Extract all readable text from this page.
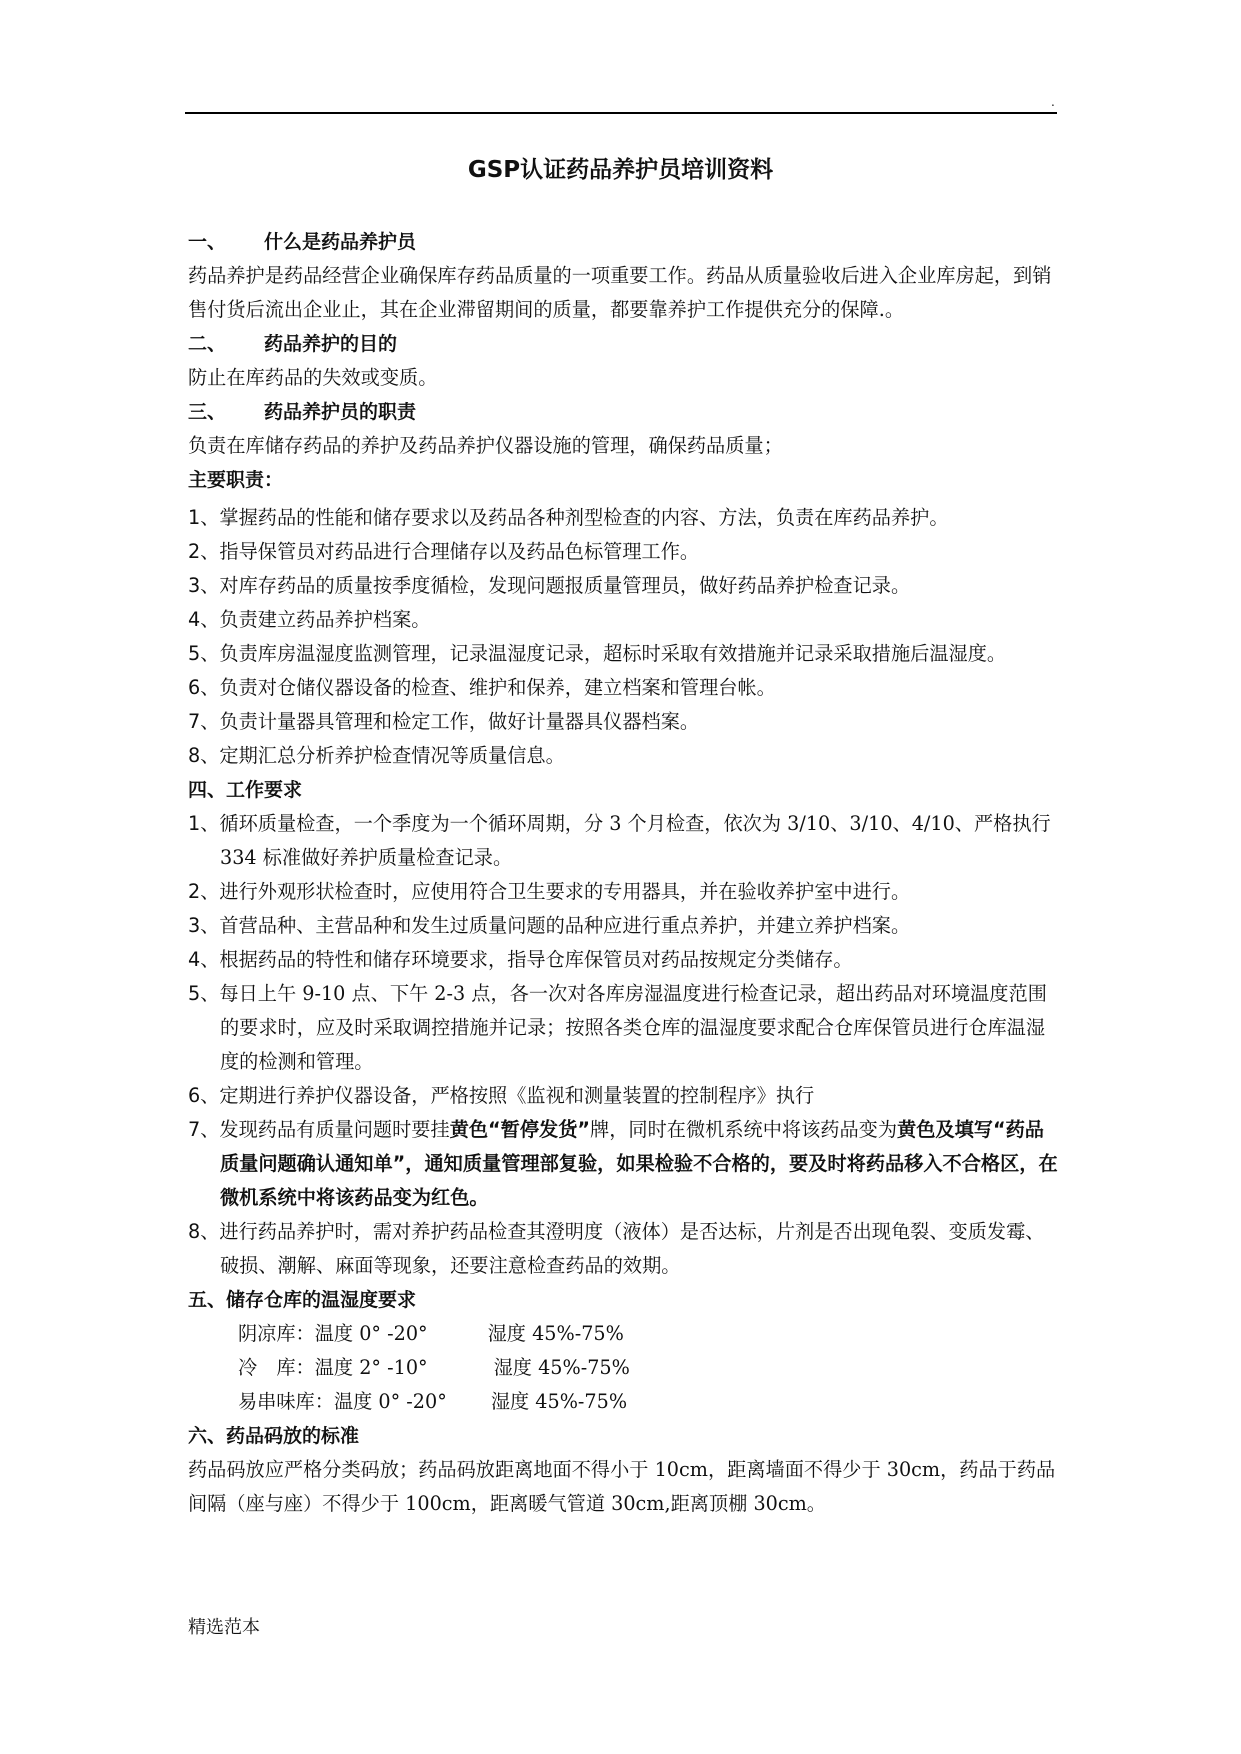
.
GSP认证药品养护员培训资料

一、 什么是药品养护员

药品养护是药品经营企业确保库存药品质量的一项重要工作。药品从质量验收后进入企业库房起，到销售付货后流出企业止，其在企业滞留期间的质量，都要靠养护工作提供充分的保障.。

二、 药品养护的目的

防止在库药品的失效或变质。

三、 药品养护员的职责

负责在库储存药品的养护及药品养护仪器设施的管理，确保药品质量；

主要职责：

1、掌握药品的性能和储存要求以及药品各种剂型检查的内容、方法，负责在库药品养护。

2、指导保管员对药品进行合理储存以及药品色标管理工作。

3、对库存药品的质量按季度循检，发现问题报质量管理员，做好药品养护检查记录。

4、负责建立药品养护档案。

5、负责库房温湿度监测管理，记录温湿度记录，超标时采取有效措施并记录采取措施后温湿度。

6、负责对仓储仪器设备的检查、维护和保养，建立档案和管理台帐。

7、负责计量器具管理和检定工作，做好计量器具仪器档案。

8、定期汇总分析养护检查情况等质量信息。

四、工作要求

1、循环质量检查，一个季度为一个循环周期，分 3 个月检查，依次为 3/10、3/10、4/10、严格执行 334 标准做好养护质量检查记录。

2、进行外观形状检查时，应使用符合卫生要求的专用器具，并在验收养护室中进行。

3、首营品种、主营品种和发生过质量问题的品种应进行重点养护，并建立养护档案。

4、根据药品的特性和储存环境要求，指导仓库保管员对药品按规定分类储存。

5、每日上午 9-10 点、下午 2-3 点，各一次对各库房湿温度进行检查记录，超出药品对环境温度范围的要求时，应及时采取调控措施并记录；按照各类仓库的温湿度要求配合仓库保管员进行仓库温湿度的检测和管理。

6、定期进行养护仪器设备，严格按照《监视和测量装置的控制程序》执行

7、发现药品有质量问题时要挂黄色“暂停发货”牌，同时在微机系统中将该药品变为黄色及填写“药品质量问题确认通知单”，通知质量管理部复验，如果检验不合格的，要及时将药品移入不合格区，在微机系统中将该药品变为红色。

8、进行药品养护时，需对养护药品检查其澄明度（液体）是否达标，片剂是否出现龟裂、变质发霉、破损、潮解、麻面等现象，还要注意检查药品的效期。

五、储存仓库的温湿度要求

阴凉库：温度 0° -20°	湿度 45%-75%

冷　库：温度 2° -10°	湿度 45%-75%

易串味库：温度 0° -20° 湿度 45%-75%

六、药品码放的标准

药品码放应严格分类码放；药品码放距离地面不得小于 10cm，距离墙面不得少于 30cm，药品于药品间隔（座与座）不得少于 100cm，距离暖气管道 30cm,距离顶棚 30cm。

精选范本
